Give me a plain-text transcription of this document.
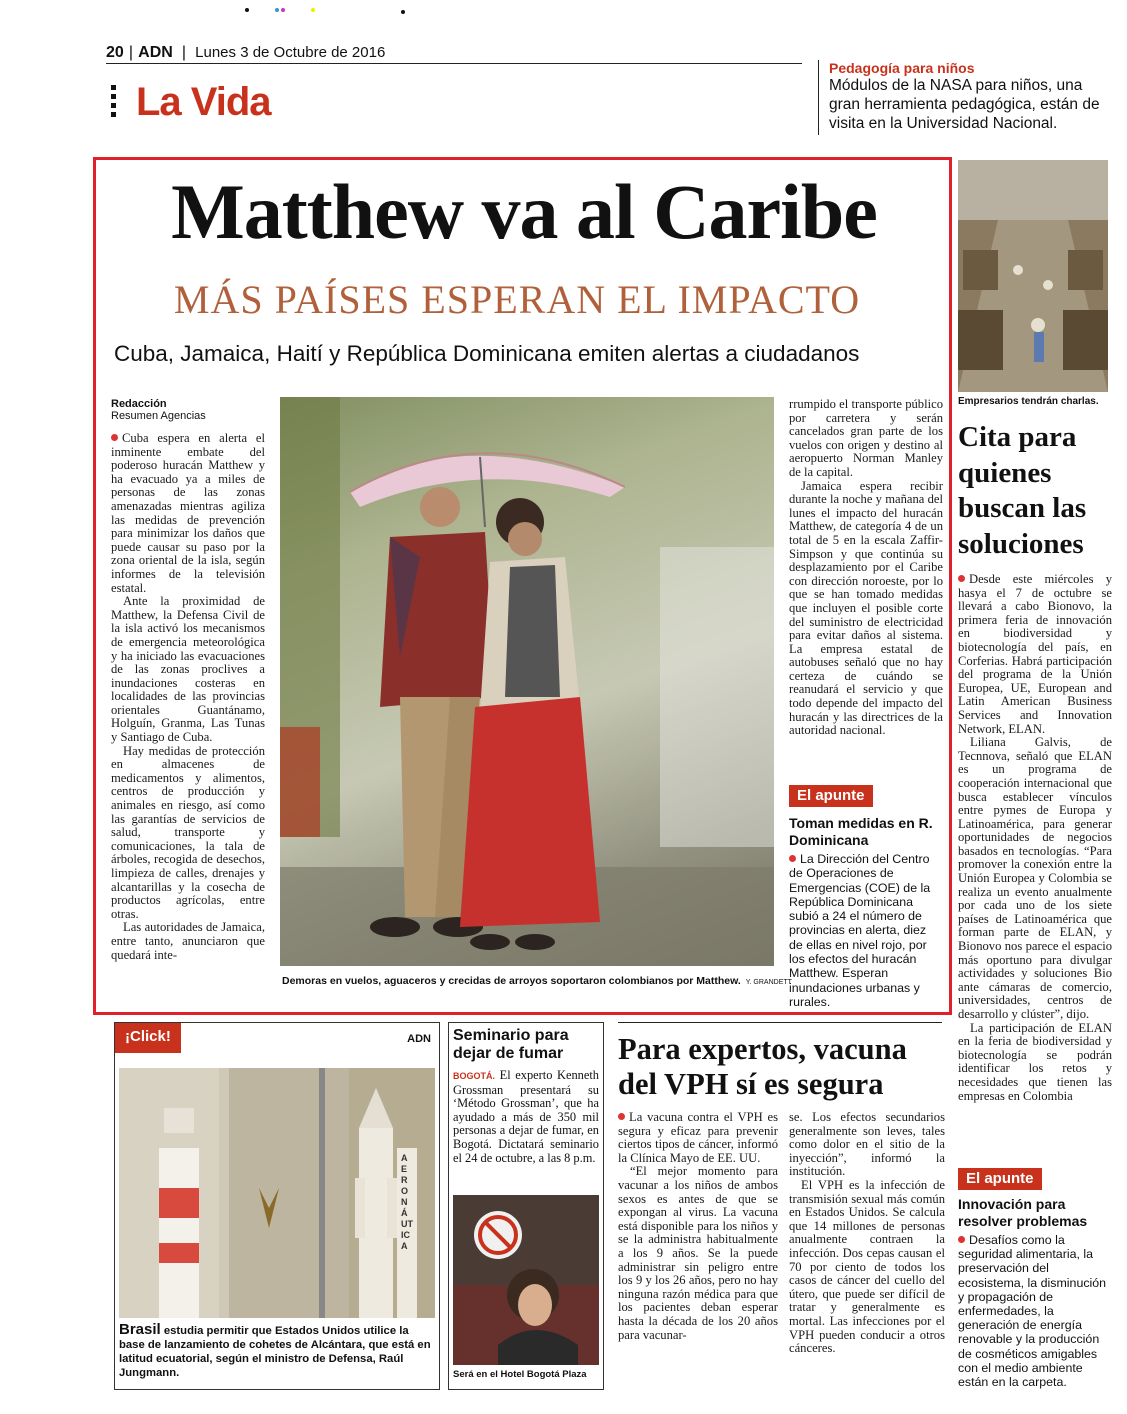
20 | ADN | Lunes 3 de Octubre de 2016
La Vida
Pedagogía para niños
Módulos de la NASA para niños, una gran herramienta pedagógica, están de visita en la Universidad Nacional.
Matthew va al Caribe
MÁS PAÍSES ESPERAN EL IMPACTO
Cuba, Jamaica, Haití y República Dominicana emiten alertas a ciudadanos
Redacción
Resumen Agencias

Cuba espera en alerta el inminente embate del poderoso huracán Matthew y ha evacuado ya a miles de personas de las zonas amenazadas mientras agiliza las medidas de prevención para minimizar los daños que puede causar su paso por la zona oriental de la isla, según informes de la televisión estatal.

Ante la proximidad de Matthew, la Defensa Civil de la isla activó los mecanismos de emergencia meteorológica y ha iniciado las evacuaciones de las zonas proclives a inundaciones costeras en localidades de las provincias orientales Guantánamo, Holguín, Granma, Las Tunas y Santiago de Cuba.

Hay medidas de protección en almacenes de medicamentos y alimentos, centros de producción y animales en riesgo, así como las garantías de servicios de salud, transporte y comunicaciones, la tala de árboles, recogida de desechos, limpieza de calles, drenajes y alcantarillas y la cosecha de productos agrícolas, entre otras.

Las autoridades de Jamaica, entre tanto, anunciaron que quedará inte-

Demoras en vuelos, aguaceros y crecidas de arroyos soportaron colombianos por Matthew. Y. GRANDETT

rrumpido el transporte público por carretera y serán cancelados gran parte de los vuelos con origen y destino al aeropuerto Norman Manley de la capital.

Jamaica espera recibir durante la noche y mañana del lunes el impacto del huracán Matthew, de categoría 4 de un total de 5 en la escala Zaffir-Simpson y que continúa su desplazamiento por el Caribe con dirección noroeste, por lo que se han tomado medidas que incluyen el posible corte del suministro de electricidad para evitar daños al sistema. La empresa estatal de autobuses señaló que no hay certeza de cuándo se reanudará el servicio y que todo depende del impacto del huracán y las directrices de la autoridad nacional.

El apunte
Toman medidas en R. Dominicana
La Dirección del Centro de Operaciones de Emergencias (COE) de la República Dominicana subió a 24 el número de provincias en alerta, diez de ellas en nivel rojo, por los efectos del huracán Matthew. Esperan inundaciones urbanas y rurales.
Empresarios tendrán charlas.
Cita para quienes buscan las soluciones

Desde este miércoles y hasya el 7 de octubre se llevará a cabo Bionovo, la primera feria de innovación en biodiversidad y biotecnología del país, en Corferias. Habrá participación del programa de la Unión Europea, UE, European and Latin American Business Services and Innovation Network, ELAN.

Liliana Galvis, de Tecnnova, señaló que ELAN es un programa de cooperación internacional que busca establecer vínculos entre pymes de Europa y Latinoamérica, para generar oportunidades de negocios basados en tecnologías. “Para promover la conexión entre la Unión Europea y Colombia se realiza un evento anualmente por cada uno de los siete países de Latinoamérica que forman parte de ELAN, y Bionovo nos parece el espacio más oportuno para divulgar actividades y soluciones Bio ante cámaras de comercio, universidades, centros de desarrollo y clúster”, dijo.

La participación de ELAN en la feria de biodiversidad y biotecnología se podrán identificar los retos y necesidades que tienen las empresas en Colombia

El apunte
Innovación para resolver problemas
Desafíos como la seguridad alimentaria, la preservación del ecosistema, la disminución y propagación de enfermedades, la generación de energía renovable y la producción de cosméticos amigables con el medio ambiente están en la carpeta.
¡Click!	ADN
AERONÁUTICA
Brasil estudia permitir que Estados Unidos utilice la base de lanzamiento de cohetes de Alcántara, que está en latitud ecuatorial, según el ministro de Defensa, Raúl Jungmann.
Seminario para dejar de fumar
BOGOTÁ. El experto Kenneth Grossman presentará su ‘Método Grossman’, que ha ayudado a más de 350 mil personas a dejar de fumar, en Bogotá. Dictatará seminario el 24 de octubre, a las 8 p.m.
Será en el Hotel Bogotá Plaza
Para expertos, vacuna del VPH sí es segura

La vacuna contra el VPH es segura y eficaz para prevenir ciertos tipos de cáncer, informó la Clínica Mayo de EE. UU.

“El mejor momento para vacunar a los niños de ambos sexos es antes de que se expongan al virus. La vacuna está disponible para los niños y se la administra habitualmente a los 9 años. Se la puede administrar sin peligro entre los 9 y los 26 años, pero no hay ninguna razón médica para que los pacientes deban esperar hasta la década de los 20 años para vacunar-

se. Los efectos secundarios generalmente son leves, tales como dolor en el sitio de la inyección”, informó la institución.

El VPH es la infección de transmisión sexual más común en Estados Unidos. Se calcula que 14 millones de personas anualmente contraen la infección. Dos cepas causan el 70 por ciento de todos los casos de cáncer del cuello del útero, que puede ser difícil de tratar y generalmente es mortal. Las infecciones por el VPH pueden conducir a otros cánceres.
